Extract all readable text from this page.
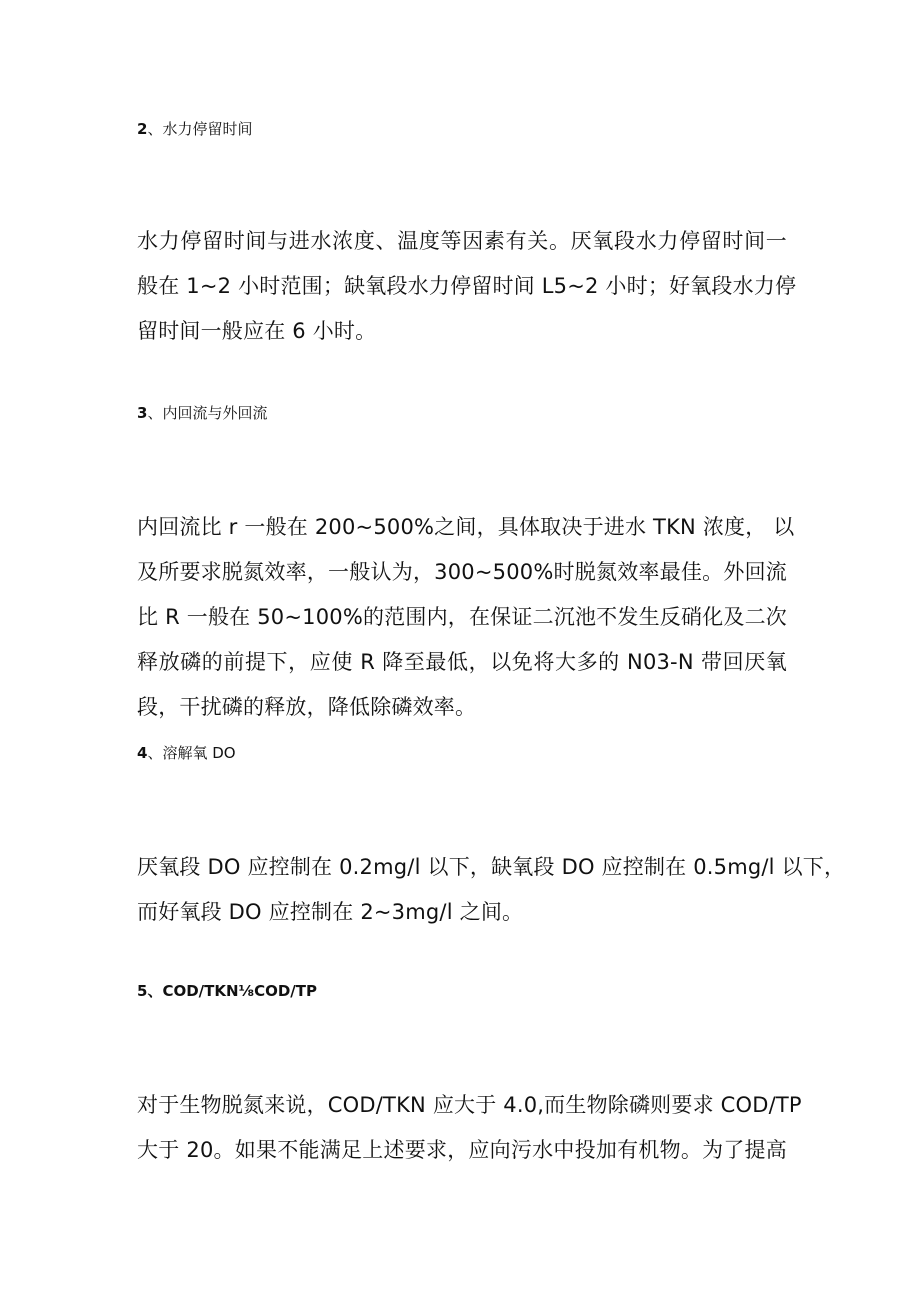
2、水力停留时间
水力停留时间与进水浓度、温度等因素有关。厌氧段水力停留时间一
般在 1~2 小时范围；缺氧段水力停留时间 L5~2 小时；好氧段水力停
留时间一般应在 6 小时。
3、内回流与外回流
内回流比 r 一般在 200~500%之间，具体取决于进水 TKN 浓度， 以
及所要求脱氮效率，一般认为，300~500%时脱氮效率最佳。外回流
比 R 一般在 50~100%的范围内，在保证二沉池不发生反硝化及二次
释放磷的前提下，应使 R 降至最低，以免将大多的 N03-N 带回厌氧
段，干扰磷的释放，降低除磷效率。
4、溶解氧 DO
厌氧段 DO 应控制在 0.2mg/l 以下，缺氧段 DO 应控制在 0.5mg/l 以下，
而好氧段 DO 应控制在 2~3mg/l 之间。
5、COD/TKN⅛COD/TP
对于生物脱氮来说，COD/TKN 应大于 4.0,而生物除磷则要求 COD/TP
大于 20。如果不能满足上述要求，应向污水中投加有机物。为了提高
